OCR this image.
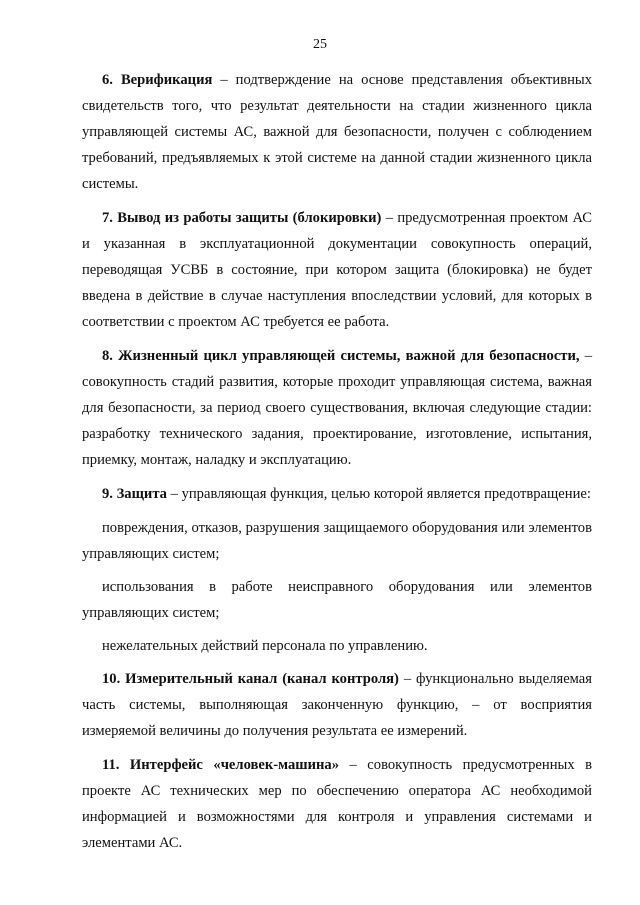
25

6. Верификация – подтверждение на основе представления объективных свидетельств того, что результат деятельности на стадии жизненного цикла управляющей системы АС, важной для безопасности, получен с соблюдением требований, предъявляемых к этой системе на данной стадии жизненного цикла системы.

7. Вывод из работы защиты (блокировки) – предусмотренная проектом АС и указанная в эксплуатационной документации совокупность операций, переводящая УСВБ в состояние, при котором защита (блокировка) не будет введена в действие в случае наступления впоследствии условий, для которых в соответствии с проектом АС требуется ее работа.

8. Жизненный цикл управляющей системы, важной для безопасности, – совокупность стадий развития, которые проходит управляющая система, важная для безопасности, за период своего существования, включая следующие стадии: разработку технического задания, проектирование, изготовление, испытания, приемку, монтаж, наладку и эксплуатацию.

9. Защита – управляющая функция, целью которой является предотвращение:

повреждения, отказов, разрушения защищаемого оборудования или элементов управляющих систем;

использования в работе неисправного оборудования или элементов управляющих систем;

нежелательных действий персонала по управлению.

10. Измерительный канал (канал контроля) – функционально выделяемая часть системы, выполняющая законченную функцию, – от восприятия измеряемой величины до получения результата ее измерений.

11. Интерфейс «человек-машина» – совокупность предусмотренных в проекте АС технических мер по обеспечению оператора АС необходимой информацией и возможностями для контроля и управления системами и элементами АС.
